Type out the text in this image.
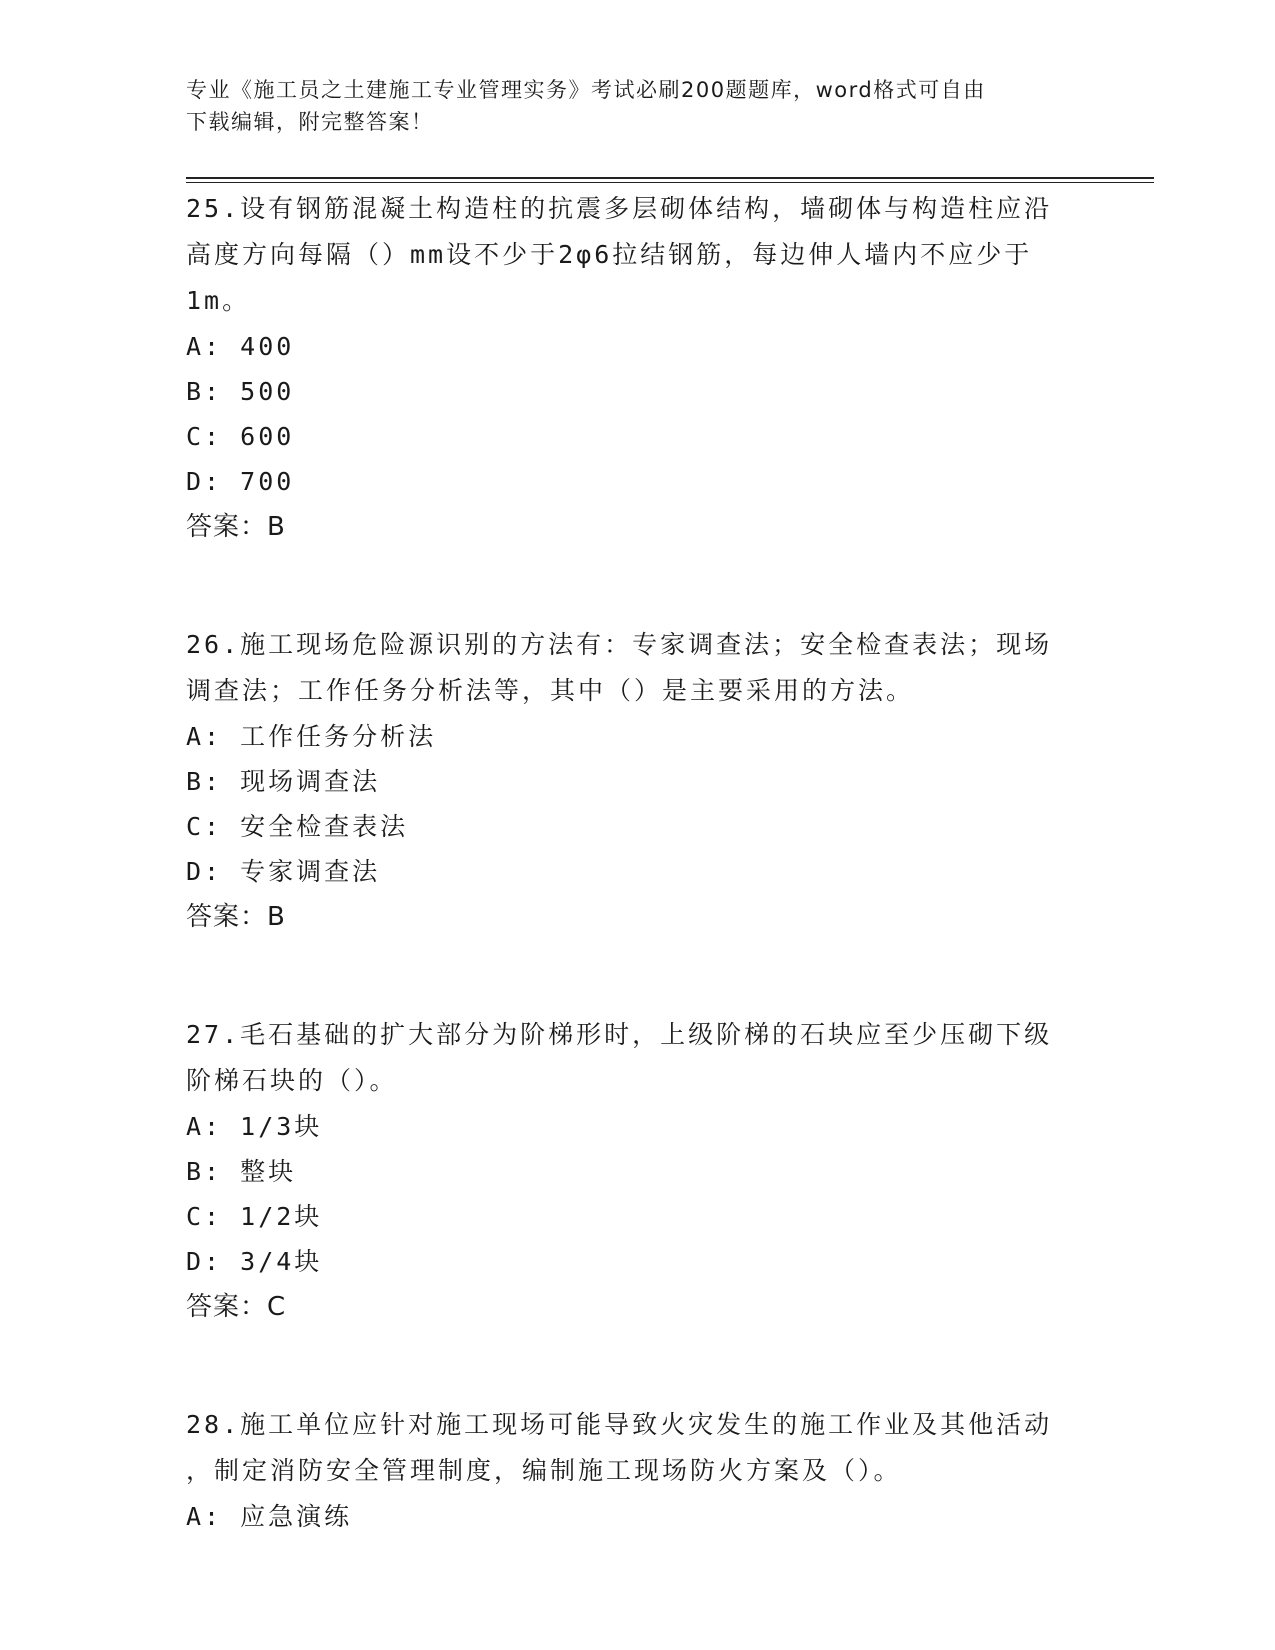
专业《施工员之土建施工专业管理实务》考试必刷200题题库，word格式可自由
下载编辑，附完整答案！
25.设有钢筋混凝土构造柱的抗震多层砌体结构，墙砌体与构造柱应沿
高度方向每隔（）mm设不少于2φ6拉结钢筋，每边伸人墙内不应少于
1m。
A: 400
B: 500
C: 600
D: 700
答案：B
26.施工现场危险源识别的方法有：专家调查法；安全检查表法；现场
调查法；工作任务分析法等，其中（）是主要采用的方法。
A: 工作任务分析法
B: 现场调查法
C: 安全检查表法
D: 专家调查法
答案：B
27.毛石基础的扩大部分为阶梯形时，上级阶梯的石块应至少压砌下级
阶梯石块的（）。
A: 1/3块
B: 整块
C: 1/2块
D: 3/4块
答案：C
28.施工单位应针对施工现场可能导致火灾发生的施工作业及其他活动
，制定消防安全管理制度，编制施工现场防火方案及（）。
A: 应急演练
